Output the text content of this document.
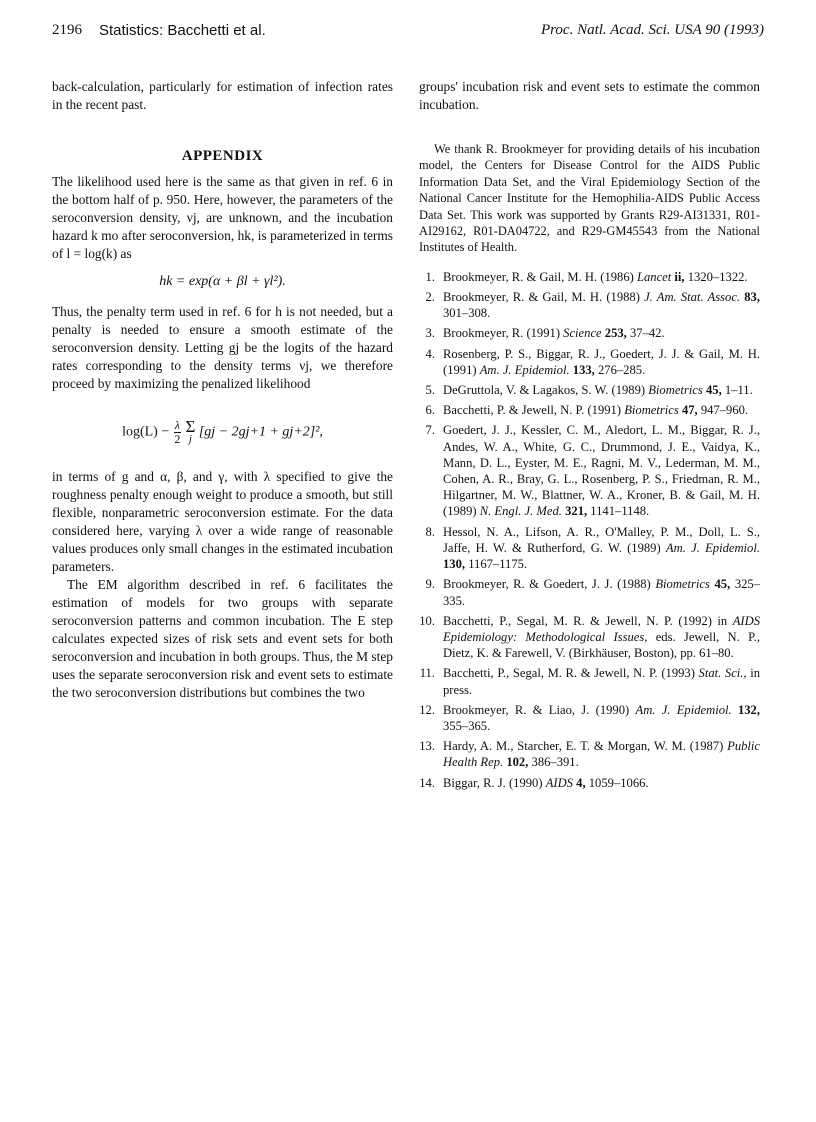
2196 Statistics: Bacchetti et al.	Proc. Natl. Acad. Sci. USA 90 (1993)

back-calculation, particularly for estimation of infection rates in the recent past.

APPENDIX

The likelihood used here is the same as that given in ref. 6 in the bottom half of p. 950. Here, however, the parameters of the seroconversion density, νj, are unknown, and the incubation hazard k mo after seroconversion, hk, is parameterized in terms of l = log(k) as

hk = exp(α + βl + γl²).

Thus, the penalty term used in ref. 6 for h is not needed, but a penalty is needed to ensure a smooth estimate of the seroconversion density. Letting gj be the logits of the hazard rates corresponding to the density terms νj, we therefore proceed by maximizing the penalized likelihood

$\log(L) - \frac{\lambda}{2}$ Σ
j [gj − 2gj+1 + gj+2]²,

in terms of g and α, β, and γ, with λ specified to give the roughness penalty enough weight to produce a smooth, but still flexible, nonparametric seroconversion estimate. For the data considered here, varying λ over a wide range of reasonable values produces only small changes in the estimated incubation parameters.

The EM algorithm described in ref. 6 facilitates the estimation of models for two groups with separate seroconversion patterns and common incubation. The E step calculates expected sizes of risk sets and event sets for both seroconversion and incubation in both groups. Thus, the M step uses the separate seroconversion risk and event sets to estimate the two seroconversion distributions but combines the two

groups' incubation risk and event sets to estimate the common incubation.

We thank R. Brookmeyer for providing details of his incubation model, the Centers for Disease Control for the AIDS Public Information Data Set, and the Viral Epidemiology Section of the National Cancer Institute for the Hemophilia-AIDS Public Access Data Set. This work was supported by Grants R29-AI31331, R01-AI29162, R01-DA04722, and R29-GM45543 from the National Institutes of Health.

1. Brookmeyer, R. & Gail, M. H. (1986) Lancet ii, 1320–1322.
2. Brookmeyer, R. & Gail, M. H. (1988) J. Am. Stat. Assoc. 83, 301–308.
3. Brookmeyer, R. (1991) Science 253, 37–42.
4. Rosenberg, P. S., Biggar, R. J., Goedert, J. J. & Gail, M. H. (1991) Am. J. Epidemiol. 133, 276–285.
5. DeGruttola, V. & Lagakos, S. W. (1989) Biometrics 45, 1–11.
6. Bacchetti, P. & Jewell, N. P. (1991) Biometrics 47, 947–960.
7. Goedert, J. J., Kessler, C. M., Aledort, L. M., Biggar, R. J., Andes, W. A., White, G. C., Drummond, J. E., Vaidya, K., Mann, D. L., Eyster, M. E., Ragni, M. V., Lederman, M. M., Cohen, A. R., Bray, G. L., Rosenberg, P. S., Friedman, R. M., Hilgartner, M. W., Blattner, W. A., Kroner, B. & Gail, M. H. (1989) N. Engl. J. Med. 321, 1141–1148.
8. Hessol, N. A., Lifson, A. R., O'Malley, P. M., Doll, L. S., Jaffe, H. W. & Rutherford, G. W. (1989) Am. J. Epidemiol. 130, 1167–1175.
9. Brookmeyer, R. & Goedert, J. J. (1988) Biometrics 45, 325–335.
10. Bacchetti, P., Segal, M. R. & Jewell, N. P. (1992) in AIDS Epidemiology: Methodological Issues, eds. Jewell, N. P., Dietz, K. & Farewell, V. (Birkhäuser, Boston), pp. 61–80.
11. Bacchetti, P., Segal, M. R. & Jewell, N. P. (1993) Stat. Sci., in press.
12. Brookmeyer, R. & Liao, J. (1990) Am. J. Epidemiol. 132, 355–365.
13. Hardy, A. M., Starcher, E. T. & Morgan, W. M. (1987) Public Health Rep. 102, 386–391.
14. Biggar, R. J. (1990) AIDS 4, 1059–1066.
